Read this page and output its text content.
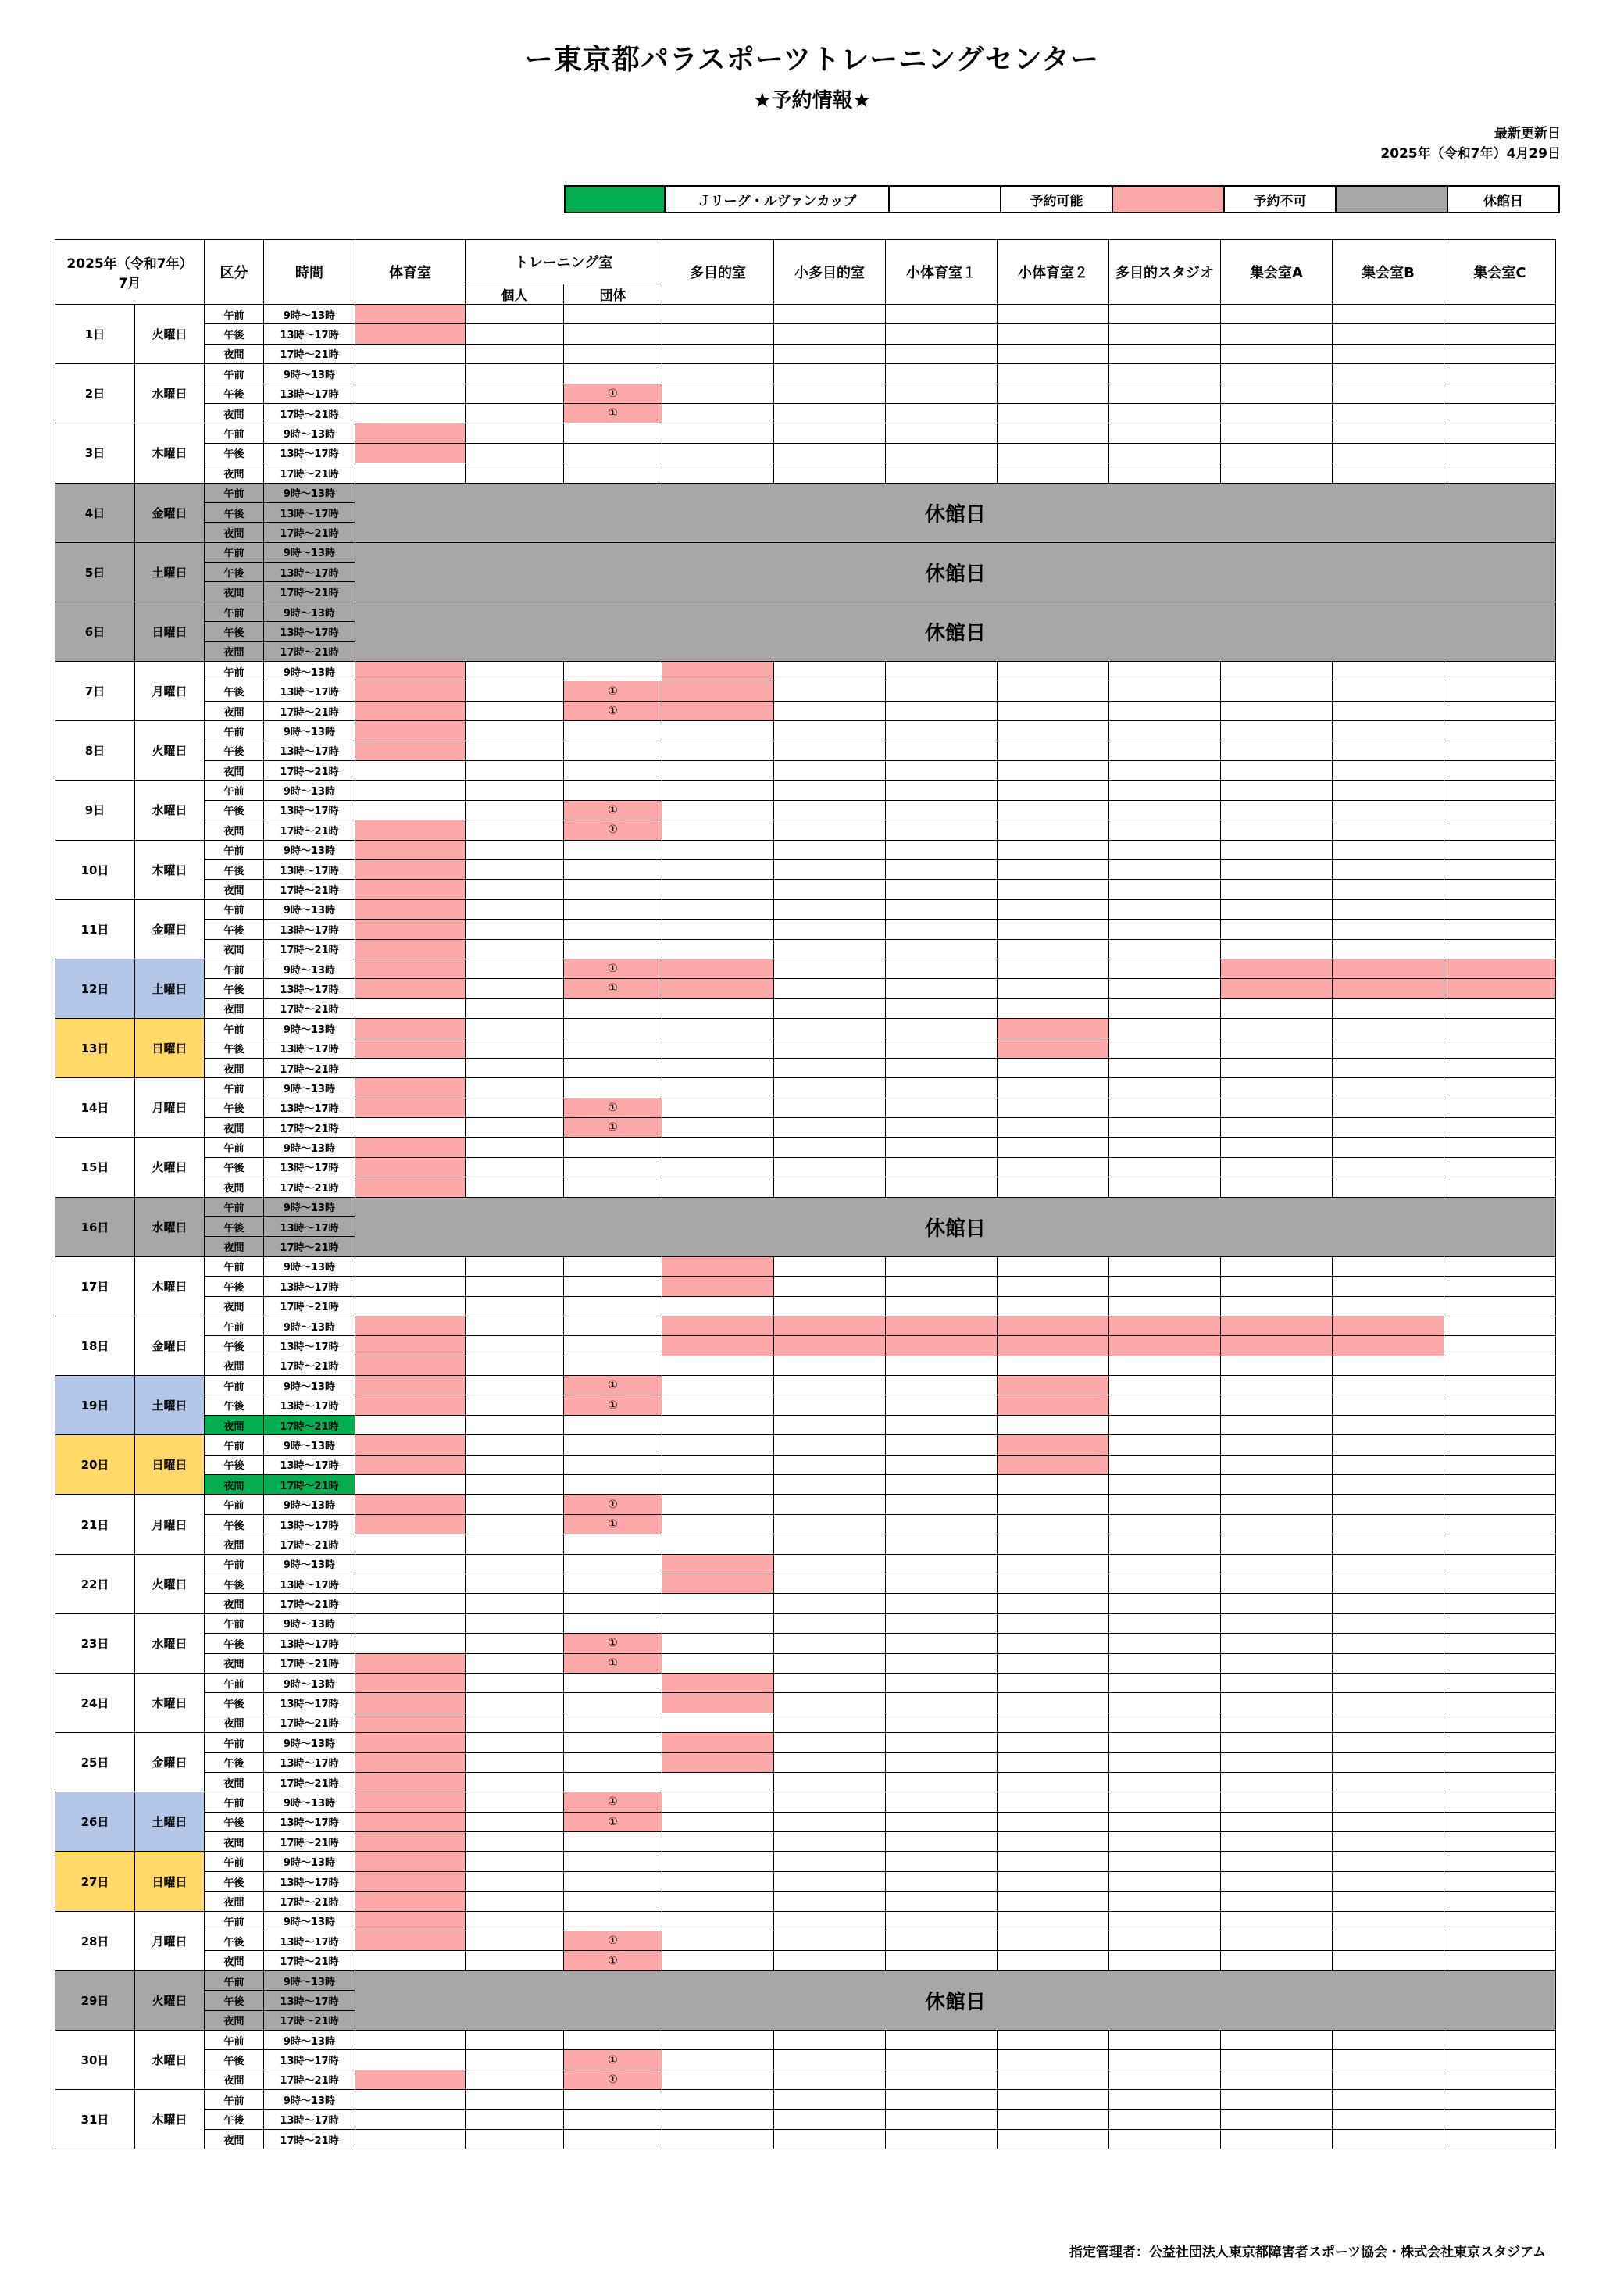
ー東京都パラスポーツトレーニングセンター
★予約情報★
最新更新日
2025年（令和7年）4月29日
	Ｊリーグ・ルヴァンカップ		予約可能		予約不可		休館日
2025年（令和7年）
7月		区分	時間	体育室	トレーニング室		多目的室	小多目的室	小体育室１	小体育室２	多目的スタジオ	集会室A	集会室B	集会室C
					個人	団体								
1日	火曜日	午前	9時～13時											
		午後	13時～17時											
		夜間	17時～21時											
2日	水曜日	午前	9時～13時											
		午後	13時～17時			①								
		夜間	17時～21時			①								
3日	木曜日	午前	9時～13時											
		午後	13時～17時											
		夜間	17時～21時											
4日	金曜日	午前	9時～13時	休館日										
		午後	13時～17時											
		夜間	17時～21時											
5日	土曜日	午前	9時～13時	休館日										
		午後	13時～17時											
		夜間	17時～21時											
6日	日曜日	午前	9時～13時	休館日										
		午後	13時～17時											
		夜間	17時～21時											
7日	月曜日	午前	9時～13時											
		午後	13時～17時			①								
		夜間	17時～21時			①								
8日	火曜日	午前	9時～13時											
		午後	13時～17時											
		夜間	17時～21時											
9日	水曜日	午前	9時～13時											
		午後	13時～17時			①								
		夜間	17時～21時			①								
10日	木曜日	午前	9時～13時											
		午後	13時～17時											
		夜間	17時～21時											
11日	金曜日	午前	9時～13時											
		午後	13時～17時											
		夜間	17時～21時											
12日	土曜日	午前	9時～13時			①								
		午後	13時～17時			①								
		夜間	17時～21時											
13日	日曜日	午前	9時～13時											
		午後	13時～17時											
		夜間	17時～21時											
14日	月曜日	午前	9時～13時											
		午後	13時～17時			①								
		夜間	17時～21時			①								
15日	火曜日	午前	9時～13時											
		午後	13時～17時											
		夜間	17時～21時											
16日	水曜日	午前	9時～13時	休館日										
		午後	13時～17時											
		夜間	17時～21時											
17日	木曜日	午前	9時～13時											
		午後	13時～17時											
		夜間	17時～21時											
18日	金曜日	午前	9時～13時											
		午後	13時～17時											
		夜間	17時～21時											
19日	土曜日	午前	9時～13時			①								
		午後	13時～17時			①								
		夜間	17時～21時											
20日	日曜日	午前	9時～13時											
		午後	13時～17時											
		夜間	17時～21時											
21日	月曜日	午前	9時～13時			①								
		午後	13時～17時			①								
		夜間	17時～21時											
22日	火曜日	午前	9時～13時											
		午後	13時～17時											
		夜間	17時～21時											
23日	水曜日	午前	9時～13時											
		午後	13時～17時			①								
		夜間	17時～21時			①								
24日	木曜日	午前	9時～13時											
		午後	13時～17時											
		夜間	17時～21時											
25日	金曜日	午前	9時～13時											
		午後	13時～17時											
		夜間	17時～21時											
26日	土曜日	午前	9時～13時			①								
		午後	13時～17時			①								
		夜間	17時～21時											
27日	日曜日	午前	9時～13時											
		午後	13時～17時											
		夜間	17時～21時											
28日	月曜日	午前	9時～13時											
		午後	13時～17時			①								
		夜間	17時～21時			①								
29日	火曜日	午前	9時～13時	休館日										
		午後	13時～17時											
		夜間	17時～21時											
30日	水曜日	午前	9時～13時											
		午後	13時～17時			①								
		夜間	17時～21時			①								
31日	木曜日	午前	9時～13時											
		午後	13時～17時											
		夜間	17時～21時											
指定管理者：公益社団法人東京都障害者スポーツ協会・株式会社東京スタジアム
